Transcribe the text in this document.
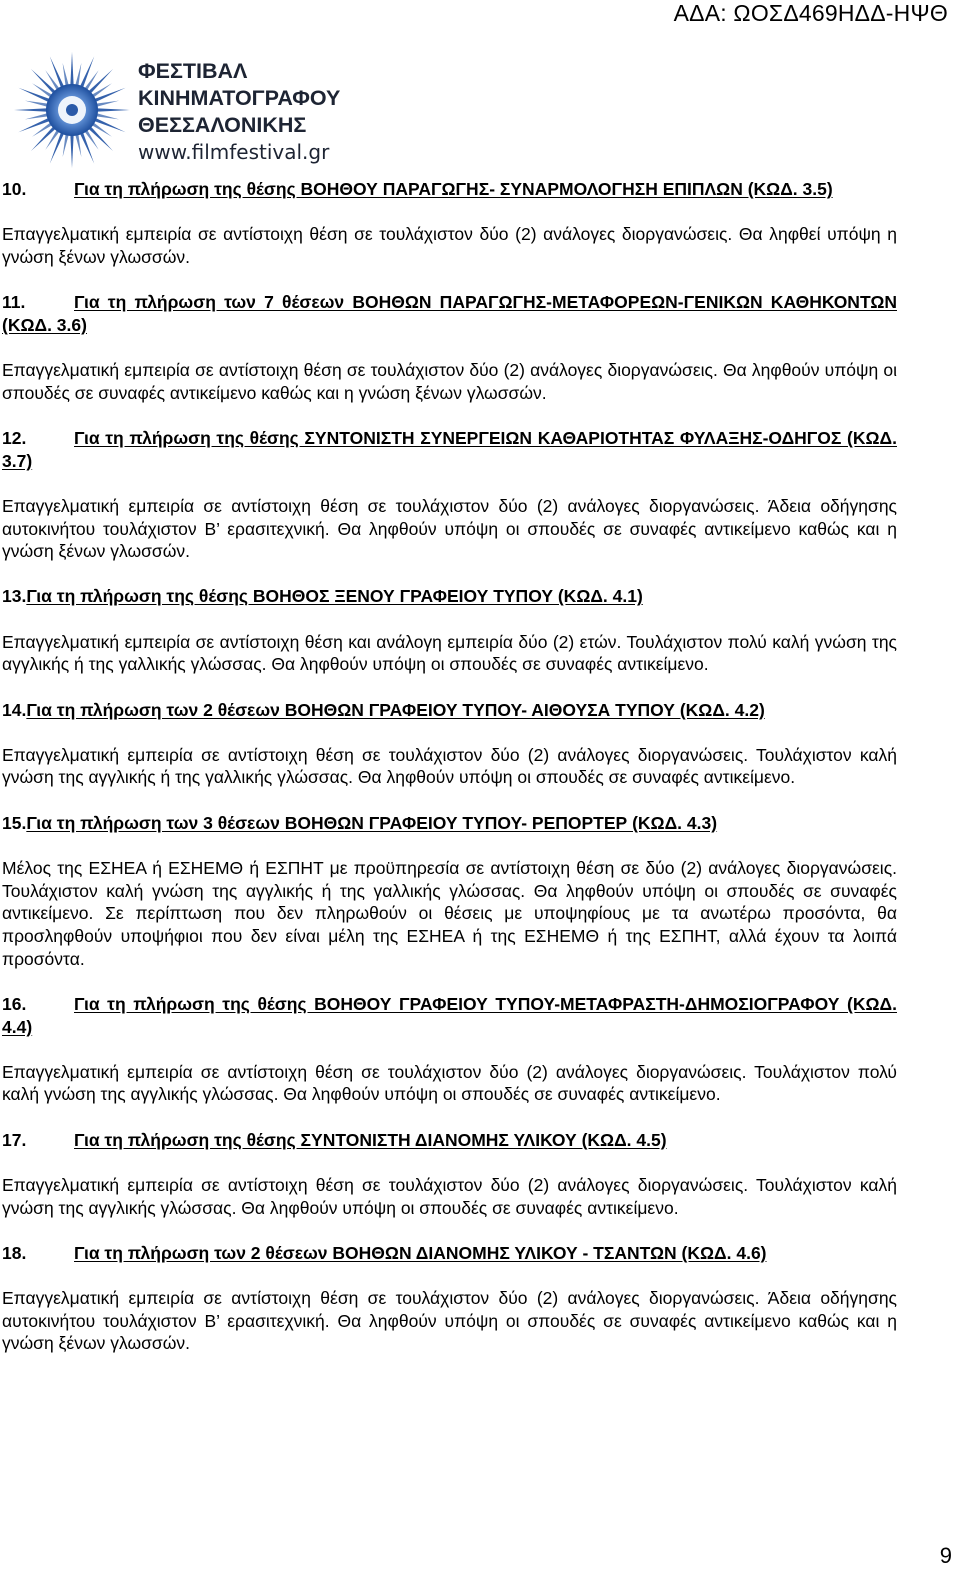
ΑΔΑ: ΩΟΣΔ469ΗΔΔ-ΗΨΘ
ΦΕΣΤΙΒΑΛ
ΚΙΝΗΜΑΤΟΓΡΑΦΟΥ
ΘΕΣΣΑΛΟΝΙΚΗΣ
www.filmfestival.gr
10.	Για τη πλήρωση της θέσης ΒΟΗΘΟΥ ΠΑΡΑΓΩΓΗΣ- ΣΥΝΑΡΜΟΛΟΓΗΣΗ ΕΠΙΠΛΩΝ (ΚΩΔ. 3.5)
Επαγγελματική εμπειρία σε αντίστοιχη θέση σε τουλάχιστον δύο (2) ανάλογες διοργανώσεις. Θα ληφθεί υπόψη η γνώση ξένων γλωσσών.
11.	Για τη πλήρωση των 7 θέσεων ΒΟΗΘΩΝ ΠΑΡΑΓΩΓΗΣ-ΜΕΤΑΦΟΡΕΩΝ-ΓΕΝΙΚΩΝ ΚΑΘΗΚΟΝΤΩΝ (ΚΩΔ. 3.6)
Επαγγελματική εμπειρία σε αντίστοιχη θέση σε τουλάχιστον δύο (2) ανάλογες διοργανώσεις. Θα ληφθούν υπόψη οι σπουδές σε συναφές αντικείμενο καθώς και η γνώση ξένων γλωσσών.
12.	Για τη πλήρωση της θέσης ΣΥΝΤΟΝΙΣΤΗ ΣΥΝΕΡΓΕΙΩΝ ΚΑΘΑΡΙΟΤΗΤΑΣ ΦΥΛΑΞΗΣ-ΟΔΗΓΟΣ (ΚΩΔ. 3.7)
Επαγγελματική εμπειρία σε αντίστοιχη θέση σε τουλάχιστον δύο (2) ανάλογες διοργανώσεις. Άδεια οδήγησης αυτοκινήτου τουλάχιστον Β’ ερασιτεχνική. Θα ληφθούν υπόψη οι σπουδές σε συναφές αντικείμενο καθώς και η γνώση ξένων γλωσσών.
13.Για τη πλήρωση της θέσης ΒΟΗΘΟΣ ΞΕΝΟΥ ΓΡΑΦΕΙΟΥ ΤΥΠΟΥ (ΚΩΔ. 4.1)
Επαγγελματική εμπειρία σε αντίστοιχη θέση και ανάλογη εμπειρία δύο (2) ετών. Τουλάχιστον πολύ καλή γνώση της αγγλικής ή της γαλλικής γλώσσας. Θα ληφθούν υπόψη οι σπουδές σε συναφές αντικείμενο.
14.Για τη πλήρωση των 2 θέσεων ΒΟΗΘΩΝ ΓΡΑΦΕΙΟΥ ΤΥΠΟΥ- ΑΙΘΟΥΣΑ ΤΥΠΟΥ (ΚΩΔ. 4.2)
Επαγγελματική εμπειρία σε αντίστοιχη θέση σε τουλάχιστον δύο (2) ανάλογες διοργανώσεις. Τουλάχιστον καλή γνώση της αγγλικής ή της γαλλικής γλώσσας. Θα ληφθούν υπόψη οι σπουδές σε συναφές αντικείμενο.
15.Για τη πλήρωση των 3 θέσεων ΒΟΗΘΩΝ ΓΡΑΦΕΙΟΥ ΤΥΠΟΥ- ΡΕΠΟΡΤΕΡ (ΚΩΔ. 4.3)
Μέλος της ΕΣΗΕΑ ή ΕΣΗΕΜΘ ή ΕΣΠΗΤ με προϋπηρεσία σε αντίστοιχη θέση σε δύο (2) ανάλογες διοργανώσεις. Τουλάχιστον καλή γνώση της αγγλικής ή της γαλλικής γλώσσας. Θα ληφθούν υπόψη οι σπουδές σε συναφές αντικείμενο. Σε περίπτωση που δεν πληρωθούν οι θέσεις με υποψηφίους με τα ανωτέρω προσόντα, θα προσληφθούν υποψήφιοι που δεν είναι μέλη της ΕΣΗΕΑ ή της ΕΣΗΕΜΘ ή της ΕΣΠΗΤ, αλλά έχουν τα λοιπά προσόντα.
16.	Για τη πλήρωση της θέσης ΒΟΗΘΟΥ ΓΡΑΦΕΙΟΥ ΤΥΠΟΥ-ΜΕΤΑΦΡΑΣΤΗ-ΔΗΜΟΣΙΟΓΡΑΦΟΥ (ΚΩΔ. 4.4)
Επαγγελματική εμπειρία σε αντίστοιχη θέση σε τουλάχιστον δύο (2) ανάλογες διοργανώσεις. Τουλάχιστον πολύ καλή γνώση της αγγλικής γλώσσας. Θα ληφθούν υπόψη οι σπουδές σε συναφές αντικείμενο.
17.	Για τη πλήρωση της θέσης ΣΥΝΤΟΝΙΣΤΗ ΔΙΑΝΟΜΗΣ ΥΛΙΚΟΥ (ΚΩΔ. 4.5)
Επαγγελματική εμπειρία σε αντίστοιχη θέση σε τουλάχιστον δύο (2) ανάλογες διοργανώσεις. Τουλάχιστον καλή γνώση της αγγλικής γλώσσας. Θα ληφθούν υπόψη οι σπουδές σε συναφές αντικείμενο.
18.	Για τη πλήρωση των 2 θέσεων ΒΟΗΘΩΝ ΔΙΑΝΟΜΗΣ ΥΛΙΚΟΥ - ΤΣΑΝΤΩΝ (ΚΩΔ. 4.6)
Επαγγελματική εμπειρία σε αντίστοιχη θέση σε τουλάχιστον δύο (2) ανάλογες διοργανώσεις. Άδεια οδήγησης αυτοκινήτου τουλάχιστον Β’ ερασιτεχνική. Θα ληφθούν υπόψη οι σπουδές σε συναφές αντικείμενο καθώς και η γνώση ξένων γλωσσών.
9
